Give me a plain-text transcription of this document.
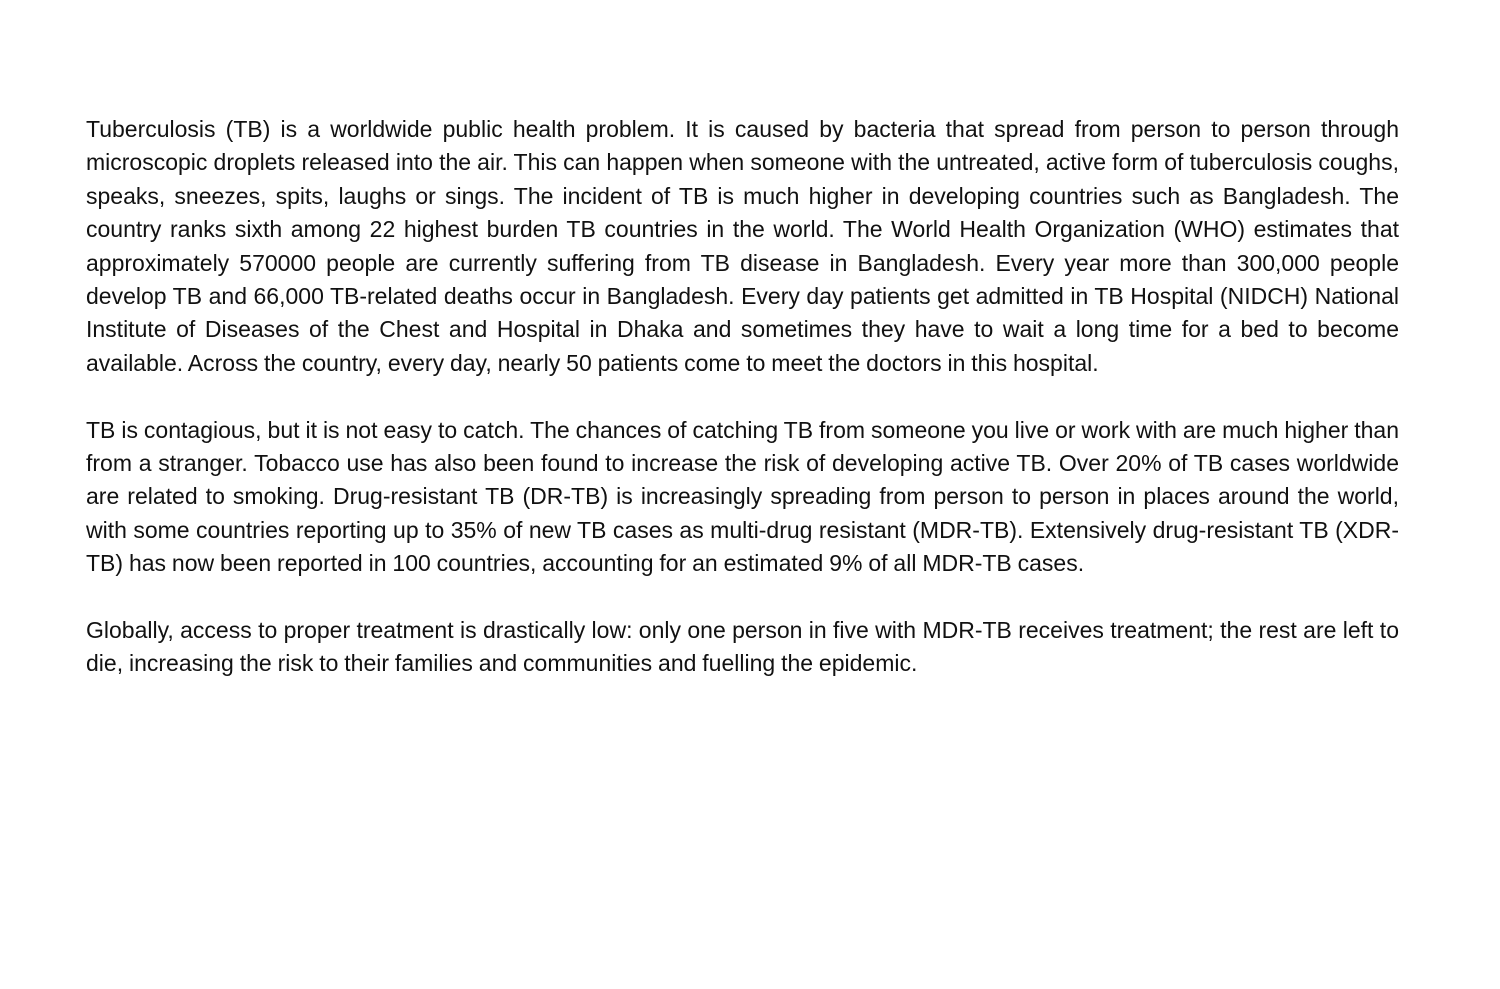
Tuberculosis (TB) is a worldwide public health problem. It is caused by bacteria that spread from person to person through microscopic droplets released into the air. This can happen when someone with the untreated, active form of tuberculosis coughs, speaks, sneezes, spits, laughs or sings. The incident of TB is much higher in developing countries such as Bangladesh. The country ranks sixth among 22 highest burden TB countries in the world. The World Health Organization (WHO) estimates that approximately 570000 people are currently suffering from TB disease in Bangladesh. Every year more than 300,000 people develop TB and 66,000 TB-related deaths occur in Bangladesh. Every day patients get admitted in TB Hospital (NIDCH) National Institute of Diseases of the Chest and Hospital in Dhaka and sometimes they have to wait a long time for a bed to become available. Across the country, every day, nearly 50 patients come to meet the doctors in this hospital.

TB is contagious, but it is not easy to catch. The chances of catching TB from someone you live or work with are much higher than from a stranger. Tobacco use has also been found to increase the risk of developing active TB. Over 20% of TB cases worldwide are related to smoking. Drug-resistant TB (DR-TB) is increasingly spreading from person to person in places around the world, with some countries reporting up to 35% of new TB cases as multi-drug resistant (MDR-TB). Extensively drug-resistant TB (XDR-TB) has now been reported in 100 countries, accounting for an estimated 9% of all MDR-TB cases.

Globally, access to proper treatment is drastically low: only one person in five with MDR-TB receives treatment; the rest are left to die, increasing the risk to their families and communities and fuelling the epidemic.
